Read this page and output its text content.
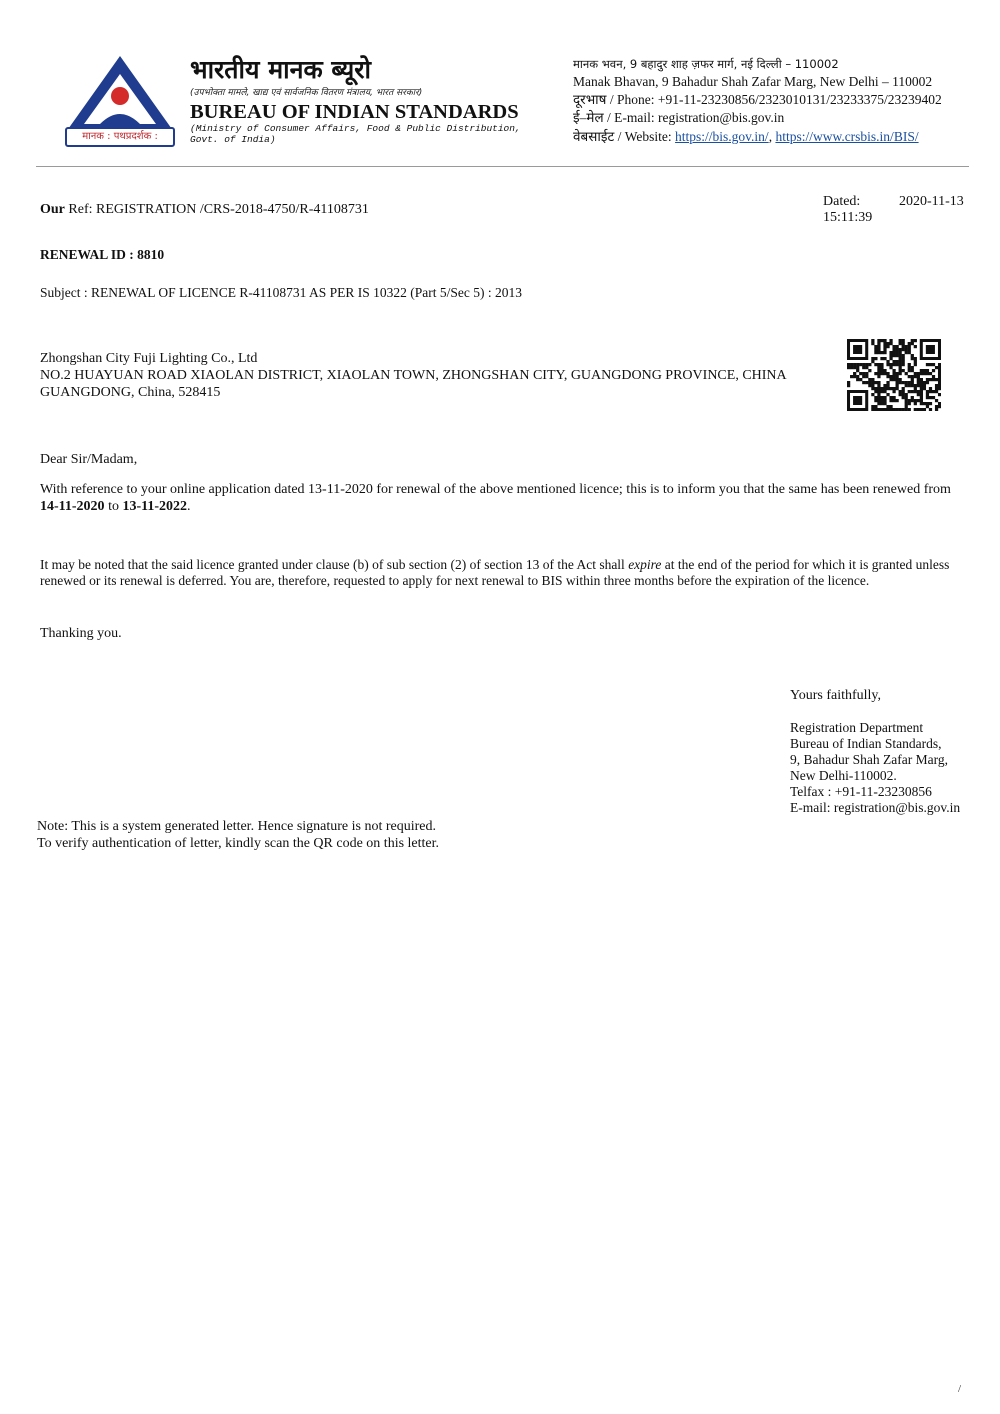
मानक : पथप्रदर्शक :
भारतीय मानक ब्यूरो
(उपभोक्ता मामले, खाद्य एवं सार्वजनिक वितरण मंत्रालय, भारत सरकार)
BUREAU OF INDIAN STANDARDS
(Ministry of Consumer Affairs, Food & Public Distribution,
Govt. of India)
मानक भवन, 9 बहादुर शाह ज़फर मार्ग, नई दिल्ली – 110002
Manak Bhavan, 9 Bahadur Shah Zafar Marg, New Delhi – 110002
दूरभाष / Phone: +91-11-23230856/2323010131/23233375/23239402
ई–मेल / E-mail: registration@bis.gov.in
वेबसाईट / Website: https://bis.gov.in/, https://www.crsbis.in/BIS/
Our Ref: REGISTRATION /CRS-2018-4750/R-41108731
Dated:	2020-11-13
15:11:39
RENEWAL ID : 8810
Subject : RENEWAL OF LICENCE R-41108731 AS PER IS 10322 (Part 5/Sec 5) : 2013
Zhongshan City Fuji Lighting Co., Ltd
NO.2 HUAYUAN ROAD XIAOLAN DISTRICT, XIAOLAN TOWN, ZHONGSHAN CITY, GUANGDONG PROVINCE, CHINA
GUANGDONG, China, 528415
Dear Sir/Madam,
With reference to your online application dated 13-11-2020 for renewal of the above mentioned licence; this is to inform you that the same has been renewed from 14-11-2020 to 13-11-2022.
It may be noted that the said licence granted under clause (b) of sub section (2) of section 13 of the Act shall expire at the end of the period for which it is granted unless renewed or its renewal is deferred. You are, therefore, requested to apply for next renewal to BIS within three months before the expiration of the licence.
Thanking you.
Yours faithfully,
Registration Department
Bureau of Indian Standards,
9, Bahadur Shah Zafar Marg,
New Delhi-110002.
Telfax : +91-11-23230856
E-mail: registration@bis.gov.in
Note: This is a system generated letter. Hence signature is not required.
To verify authentication of letter, kindly scan the QR code on this letter.
/
